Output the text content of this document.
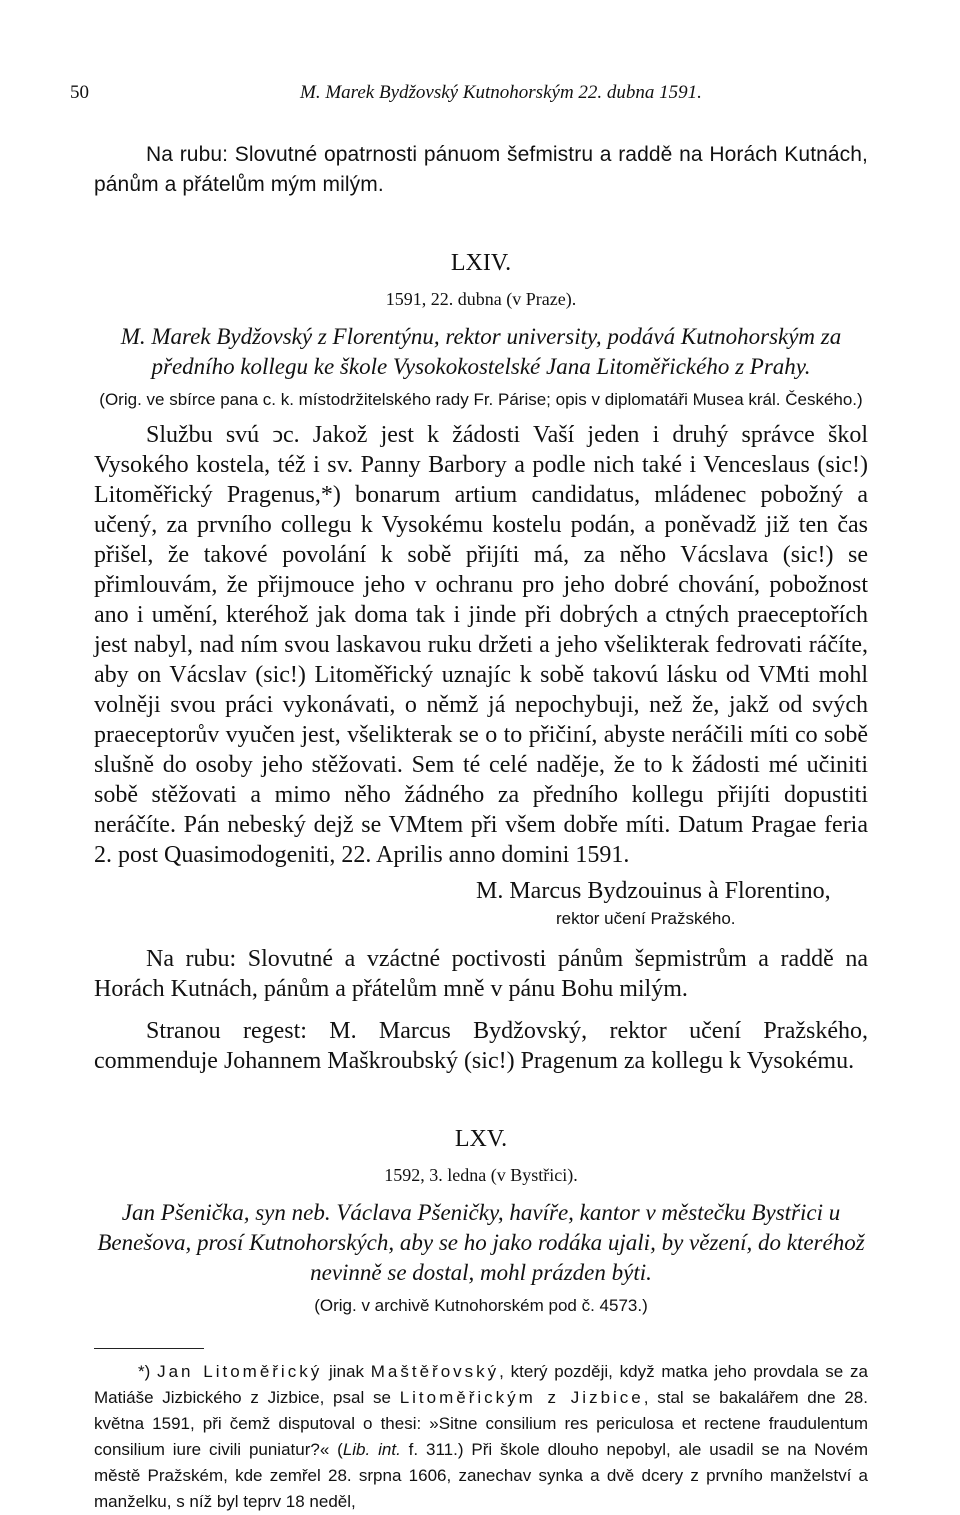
50	M. Marek Bydžovský Kutnohorským 22. dubna 1591.

Na rubu: Slovutné opatrnosti pánuom šefmistru a raddě na Horách Kutnách, pánům a přátelům mým milým.

LXIV.
1591, 22. dubna (v Praze).

M. Marek Bydžovský z Florentýnu, rektor university, podává Kutnohorským za předního kollegu ke škole Vysokokostelské Jana Litoměřického z Prahy.

(Orig. ve sbírce pana c. k. místodržitelského rady Fr. Párise; opis v diplomatáři Musea král. Českého.)

Službu svú ͻc. Jakož jest k žádosti Vaší jeden i druhý správce škol Vysokého kostela, též i sv. Panny Barbory a podle nich také i Venceslaus (sic!) Litoměřický Pragenus,*) bonarum artium candidatus, mládenec pobožný a učený, za prvního collegu k Vysokému kostelu podán, a poněvadž již ten čas přišel, že takové povolání k sobě přijíti má, za něho Vácslava (sic!) se přimlouvám, že přijmouce jeho v ochranu pro jeho dobré chování, pobožnost ano i umění, kteréhož jak doma tak i jinde při dobrých a ctných praeceptořích jest nabyl, nad ním svou laskavou ruku držeti a jeho všelikterak fedrovati ráčíte, aby on Vácslav (sic!) Litoměřický uznajíc k sobě takovú lásku od VMti mohl volněji svou práci vykonávati, o němž já nepochybuji, než že, jakž od svých praeceptorův vyučen jest, všelikterak se o to přičiní, abyste neráčili míti co sobě slušně do osoby jeho stěžovati. Sem té celé naděje, že to k žádosti mé učiniti sobě stěžovati a mimo něho žádného za předního kollegu přijíti dopustiti neráčíte. Pán nebeský dejž se VMtem při všem dobře míti. Datum Pragae feria 2. post Quasimodogeniti, 22. Aprilis anno domini 1591.

M. Marcus Bydzouinus à Florentino,
rektor učení Pražského.

Na rubu: Slovutné a vzáctné poctivosti pánům šepmistrům a raddě na Horách Kutnách, pánům a přátelům mně v pánu Bohu milým.

Stranou regest: M. Marcus Bydžovský, rektor učení Pražského, commenduje Johannem Maškroubský (sic!) Pragenum za kollegu k Vysokému.

LXV.
1592, 3. ledna (v Bystřici).

Jan Pšenička, syn neb. Václava Pšeničky, havíře, kantor v městečku Bystřici u Benešova, prosí Kutnohorských, aby se ho jako rodáka ujali, by vězení, do kteréhož nevinně se dostal, mohl prázden býti.

(Orig. v archivě Kutnohorském pod č. 4573.)

*) Jan Litoměřický jinak Maštěřovský, který později, když matka jeho provdala se za Matiáše Jizbického z Jizbice, psal se Litoměřickým z Jizbice, stal se bakalářem dne 28. května 1591, při čemž disputoval o thesi: »Sitne consilium res periculosa et rectene fraudulentum consilium iure civili puniatur?« (Lib. int. f. 311.) Při škole dlouho nepobyl, ale usadil se na Novém městě Pražském, kde zemřel 28. srpna 1606, zanechav synka a dvě dcery z prvního manželství a manželku, s níž byl teprv 18 neděl,
